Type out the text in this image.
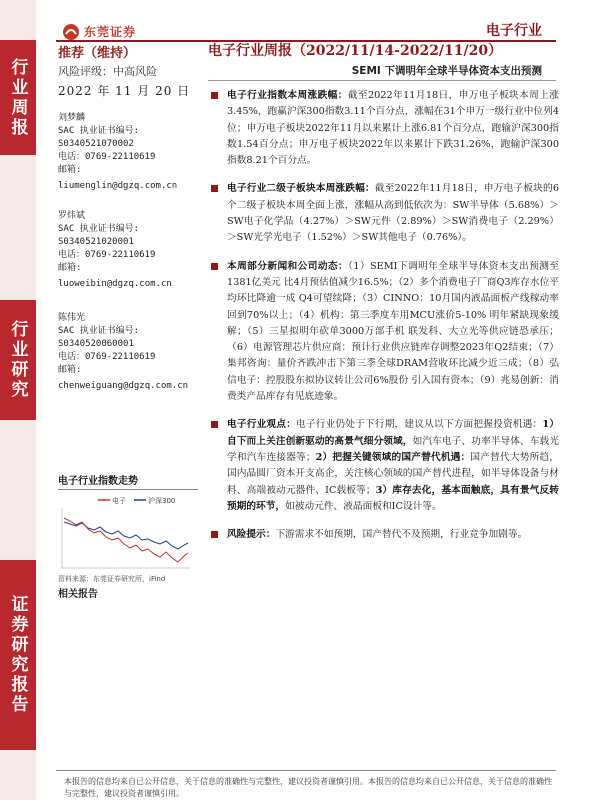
行业周报
行业研究
证券研究报告
东莞证券	电子行业
推荐（维持）
风险评级：中高风险
2022 年 11 月 20 日
电子行业周报（2022/11/14-2022/11/20）
SEMI 下调明年全球半导体资本支出预测
刘梦麟
SAC 执业证书编号:
S0340521070002
电话：0769-22110619
邮箱:
liumenglin@dgzq.com.cn
罗炜斌
SAC 执业证书编号:
S0340521020001
电话：0769-22110619
邮箱:
luoweibin@dgzq.com.cn
陈伟光
SAC 执业证书编号:
S0340520060001
电话：0769-22110619
邮箱:
chenweiguang@dgzq.com.cn
电子行业指数走势
电子	沪深300
资料来源：东莞证券研究所，iFind
相关报告
电子行业指数本周涨跌幅：截至2022年11月18日，申万电子板块本周上涨3.45%，跑赢沪深300指数3.11个百分点，涨幅在31个申万一级行业中位列4位；申万电子板块2022年11月以来累计上涨6.81个百分点，跑输沪深300指数1.54百分点；申万电子板块2022年以来累计下跌31.26%，跑输沪深300指数8.21个百分点。
电子行业二级子板块本周涨跌幅：截至2022年11月18日，申万电子板块的6个二级子板块本周全面上涨，涨幅从高到低依次为：SW半导体（5.68%）＞SW电子化学品（4.27%）＞SW元件（2.89%）＞SW消费电子（2.29%）＞SW光学光电子（1.52%）＞SW其他电子（0.76%）。
本周部分新闻和公司动态：（1）SEMI下调明年全球半导体资本支出预测至1381亿美元 比4月预估值减少16.5%；（2）多个消费电子厂商Q3库存水位平均环比降逾一成 Q4可望续降；（3）CINNO：10月国内液晶面板产线稼动率回到70%以上；（4）机构：第三季度车用MCU涨价5-10% 明年紧缺现象缓解；（5）三星拟明年砍单3000万部手机 联发科、大立光等供应链恐承压；（6）电源管理芯片供应商：预计行业供应链库存调整2023年Q2结束；（7）集邦咨询：量价齐跌冲击下第三季全球DRAM营收环比减少近三成；（8）弘信电子：控股股东拟协议转让公司6%股份 引入国有资本；（9）兆易创新：消费类产品库存有见底迹象。
电子行业观点：电子行业仍处于下行期，建议从以下方面把握投资机遇：1）自下而上关注创新驱动的高景气细分领域，如汽车电子、功率半导体、车载光学和汽车连接器等；2）把握关键领域的国产替代机遇：国产替代大势所趋，国内晶圆厂资本开支高企，关注核心领域的国产替代进程，如半导体设备与材料、高端被动元器件、IC载板等；3）库存去化，基本面触底，具有景气反转预期的环节，如被动元件、液晶面板和IC设计等。
风险提示：下游需求不如预期，国产替代不及预期，行业竞争加剧等。
本报告的信息均来自已公开信息，关于信息的准确性与完整性，建议投资者谨慎引用。本报告的信息均来自已公开信息，关于信息的准确性与完整性，建议投资者谨慎引用。
